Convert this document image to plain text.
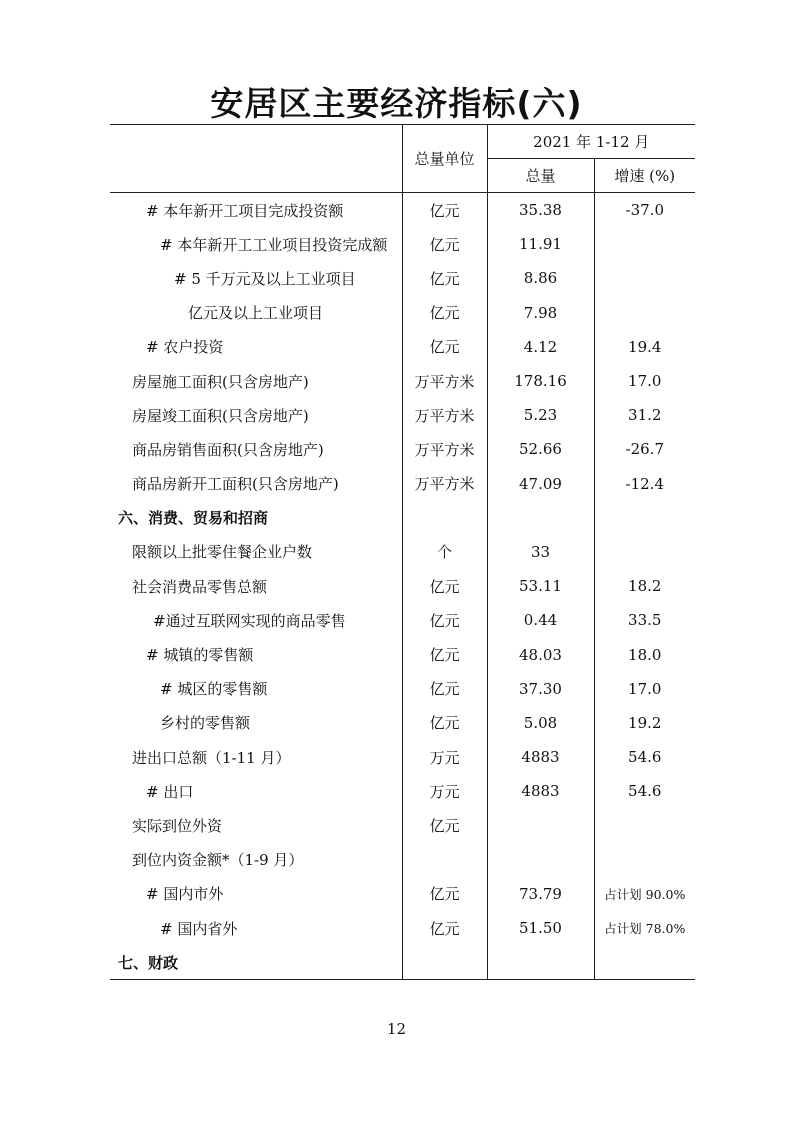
安居区主要经济指标(六)
	总量单位	2021 年 1-12 月	
		总量	增速 (%)
# 本年新开工项目完成投资额	亿元	35.38	-37.0
# 本年新开工工业项目投资完成额	亿元	11.91	
# 5 千万元及以上工业项目	亿元	8.86	
亿元及以上工业项目	亿元	7.98	
# 农户投资	亿元	4.12	19.4
房屋施工面积(只含房地产)	万平方米	178.16	17.0
房屋竣工面积(只含房地产)	万平方米	5.23	31.2
商品房销售面积(只含房地产)	万平方米	52.66	-26.7
商品房新开工面积(只含房地产)	万平方米	47.09	-12.4
六、消费、贸易和招商			
限额以上批零住餐企业户数	个	33	
社会消费品零售总额	亿元	53.11	18.2
#通过互联网实现的商品零售	亿元	0.44	33.5
# 城镇的零售额	亿元	48.03	18.0
# 城区的零售额	亿元	37.30	17.0
乡村的零售额	亿元	5.08	19.2
进出口总额（1-11 月）	万元	4883	54.6
# 出口	万元	4883	54.6
实际到位外资	亿元		
到位内资金额*（1-9 月）			
# 国内市外	亿元	73.79	占计划 90.0%
# 国内省外	亿元	51.50	占计划 78.0%
七、财政			
12
